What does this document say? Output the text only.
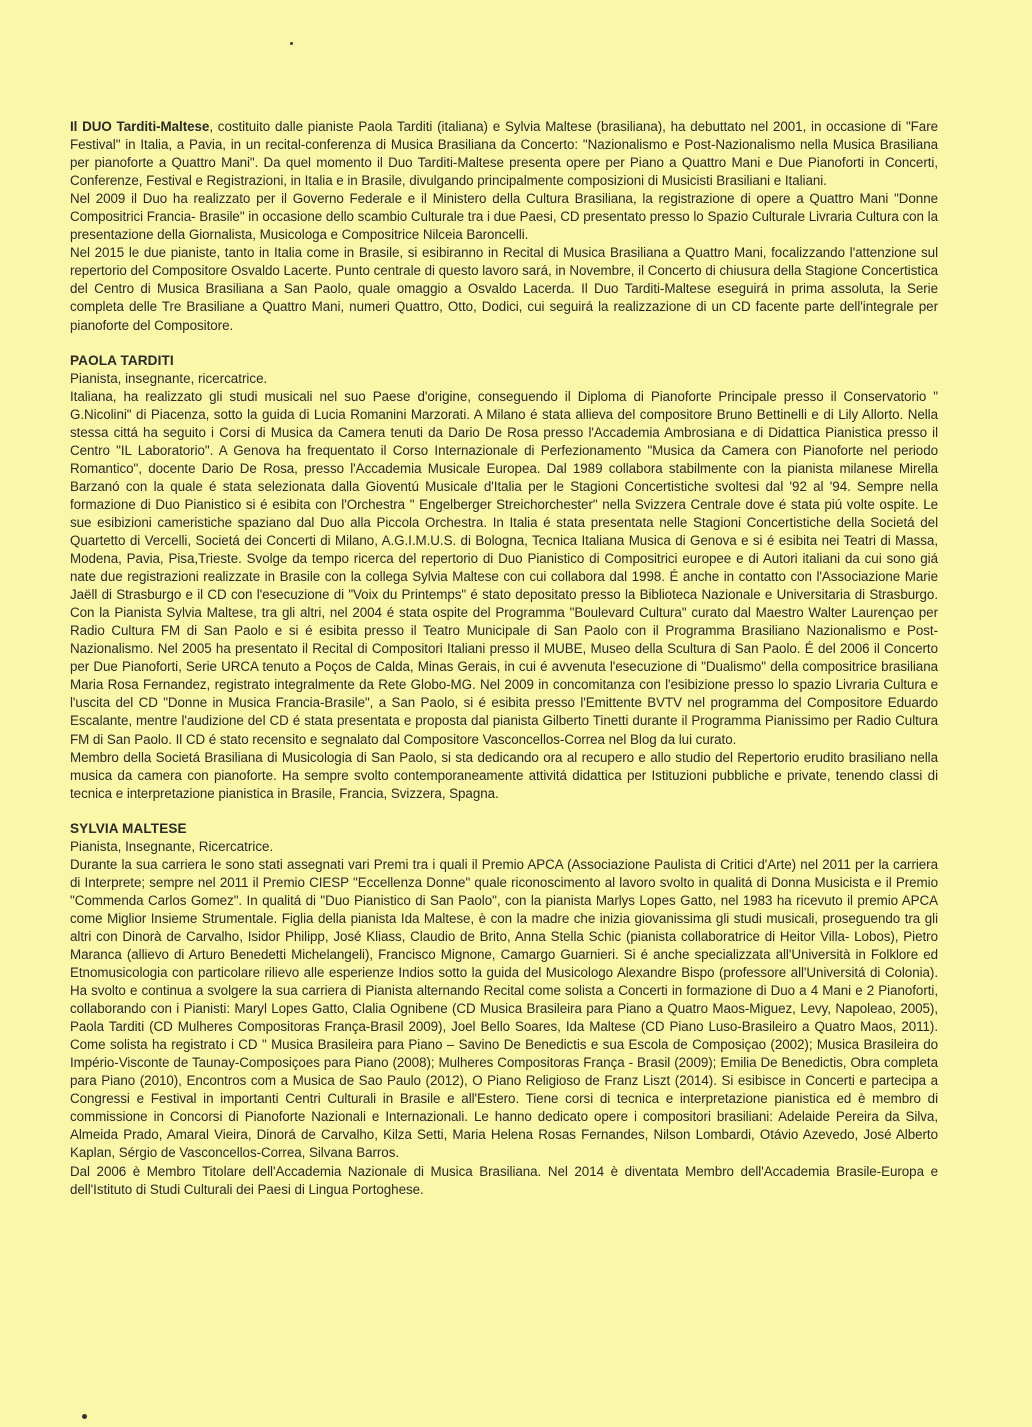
Il DUO Tarditi-Maltese, costituito dalle pianiste Paola Tarditi (italiana) e Sylvia Maltese (brasiliana), ha debuttato nel 2001, in occasione di "Fare Festival" in Italia, a Pavia, in un recital-conferenza di Musica Brasiliana da Concerto: "Nazionalismo e Post-Nazionalismo nella Musica Brasiliana per pianoforte a Quattro Mani". Da quel momento il Duo Tarditi-Maltese presenta opere per Piano a Quattro Mani e Due Pianoforti in Concerti, Conferenze, Festival e Registrazioni, in Italia e in Brasile, divulgando principalmente composizioni di Musicisti Brasiliani e Italiani.

Nel 2009 il Duo ha realizzato per il Governo Federale e il Ministero della Cultura Brasiliana, la registrazione di opere a Quattro Mani "Donne Compositrici Francia- Brasile" in occasione dello scambio Culturale tra i due Paesi, CD presentato presso lo Spazio Culturale Livraria Cultura con la presentazione della Giornalista, Musicologa e Compositrice Nilceia Baroncelli.

Nel 2015 le due pianiste, tanto in Italia come in Brasile, si esibiranno in Recital di Musica Brasiliana a Quattro Mani, focalizzando l'attenzione sul repertorio del Compositore Osvaldo Lacerte. Punto centrale di questo lavoro sará, in Novembre, il Concerto di chiusura della Stagione Concertistica del Centro di Musica Brasiliana a San Paolo, quale omaggio a Osvaldo Lacerda. Il Duo Tarditi-Maltese eseguirá in prima assoluta, la Serie completa delle Tre Brasiliane a Quattro Mani, numeri Quattro, Otto, Dodici, cui seguirá la realizzazione di un CD facente parte dell'integrale per pianoforte del Compositore.

PAOLA TARDITI

Pianista, insegnante, ricercatrice.

Italiana, ha realizzato gli studi musicali nel suo Paese d'origine, conseguendo il Diploma di Pianoforte Principale presso il Conservatorio " G.Nicolini" di Piacenza, sotto la guida di Lucia Romanini Marzorati. A Milano é stata allieva del compositore Bruno Bettinelli e di Lily Allorto. Nella stessa cittá ha seguito i Corsi di Musica da Camera tenuti da Dario De Rosa presso l'Accademia Ambrosiana e di Didattica Pianistica presso il Centro "IL Laboratorio". A Genova ha frequentato il Corso Internazionale di Perfezionamento "Musica da Camera con Pianoforte nel periodo Romantico", docente Dario De Rosa, presso l'Accademia Musicale Europea. Dal 1989 collabora stabilmente con la pianista milanese Mirella Barzanó con la quale é stata selezionata dalla Gioventú Musicale d'Italia per le Stagioni Concertistiche svoltesi dal '92 al '94. Sempre nella formazione di Duo Pianistico si é esibita con l'Orchestra " Engelberger Streichorchester" nella Svizzera Centrale dove é stata piú volte ospite. Le sue esibizioni cameristiche spaziano dal Duo alla Piccola Orchestra. In Italia é stata presentata nelle Stagioni Concertistiche della Societá del Quartetto di Vercelli, Societá dei Concerti di Milano, A.G.I.M.U.S. di Bologna, Tecnica Italiana Musica di Genova e si é esibita nei Teatri di Massa, Modena, Pavia, Pisa,Trieste. Svolge da tempo ricerca del repertorio di Duo Pianistico di Compositrici europee e di Autori italiani da cui sono giá nate due registrazioni realizzate in Brasile con la collega Sylvia Maltese con cui collabora dal 1998. É anche in contatto con l'Associazione Marie Jaëll di Strasburgo e il CD con l'esecuzione di "Voix du Printemps" é stato depositato presso la Biblioteca Nazionale e Universitaria di Strasburgo. Con la Pianista Sylvia Maltese, tra gli altri, nel 2004 é stata ospite del Programma "Boulevard Cultura" curato dal Maestro Walter Laurençao per Radio Cultura FM di San Paolo e si é esibita presso il Teatro Municipale di San Paolo con il Programma Brasiliano Nazionalismo e Post- Nazionalismo. Nel 2005 ha presentato il Recital di Compositori Italiani presso il MUBE, Museo della Scultura di San Paolo. É del 2006 il Concerto per Due Pianoforti, Serie URCA tenuto a Poços de Calda, Minas Gerais, in cui é avvenuta l'esecuzione di "Dualismo" della compositrice brasiliana Maria Rosa Fernandez, registrato integralmente da Rete Globo-MG. Nel 2009 in concomitanza con l'esibizione presso lo spazio Livraria Cultura e l'uscita del CD "Donne in Musica Francia-Brasile", a San Paolo, si é esibita presso l'Emittente BVTV nel programma del Compositore Eduardo Escalante, mentre l'audizione del CD é stata presentata e proposta dal pianista Gilberto Tinetti durante il Programma Pianissimo per Radio Cultura FM di San Paolo. Il CD é stato recensito e segnalato dal Compositore Vasconcellos-Correa nel Blog da lui curato.

Membro della Societá Brasiliana di Musicologia di San Paolo, si sta dedicando ora al recupero e allo studio del Repertorio erudito brasiliano nella musica da camera con pianoforte. Ha sempre svolto contemporaneamente attivitá didattica per Istituzioni pubbliche e private, tenendo classi di tecnica e interpretazione pianistica in Brasile, Francia, Svizzera, Spagna.

SYLVIA MALTESE

Pianista, Insegnante, Ricercatrice.

Durante la sua carriera le sono stati assegnati vari Premi tra i quali il Premio APCA (Associazione Paulista di Critici d'Arte) nel 2011 per la carriera di Interprete; sempre nel 2011 il Premio CIESP "Eccellenza Donne" quale riconoscimento al lavoro svolto in qualitá di Donna Musicista e il Premio "Commenda Carlos Gomez". In qualitá di "Duo Pianistico di San Paolo", con la pianista Marlys Lopes Gatto, nel 1983 ha ricevuto il premio APCA come Miglior Insieme Strumentale. Figlia della pianista Ida Maltese, è con la madre che inizia giovanissima gli studi musicali, proseguendo tra gli altri con Dinorà de Carvalho, Isidor Philipp, José Kliass, Claudio de Brito, Anna Stella Schic (pianista collaboratrice di Heitor Villa- Lobos), Pietro Maranca (allievo di Arturo Benedetti Michelangeli), Francisco Mignone, Camargo Guarnieri. Si é anche specializzata all'Università in Folklore ed Etnomusicologia con particolare rilievo alle esperienze Indios sotto la guida del Musicologo Alexandre Bispo (professore all'Universitá di Colonia). Ha svolto e continua a svolgere la sua carriera di Pianista alternando Recital come solista a Concerti in formazione di Duo a 4 Mani e 2 Pianoforti, collaborando con i Pianisti: Maryl Lopes Gatto, Clalia Ognibene (CD Musica Brasileira para Piano a Quatro Maos-Miguez, Levy, Napoleao, 2005), Paola Tarditi (CD Mulheres Compositoras França-Brasil 2009), Joel Bello Soares, Ida Maltese (CD Piano Luso-Brasileiro a Quatro Maos, 2011). Come solista ha registrato i CD " Musica Brasileira para Piano – Savino De Benedictis e sua Escola de Composiçao (2002); Musica Brasileira do Império-Visconte de Taunay-Composiçoes para Piano (2008); Mulheres Compositoras França - Brasil (2009); Emilia De Benedictis, Obra completa para Piano (2010), Encontros com a Musica de Sao Paulo (2012), O Piano Religioso de Franz Liszt (2014). Si esibisce in Concerti e partecipa a Congressi e Festival in importanti Centri Culturali in Brasile e all'Estero. Tiene corsi di tecnica e interpretazione pianistica ed è membro di commissione in Concorsi di Pianoforte Nazionali e Internazionali. Le hanno dedicato opere i compositori brasiliani: Adelaide Pereira da Silva, Almeida Prado, Amaral Vieira, Dinorá de Carvalho, Kilza Setti, Maria Helena Rosas Fernandes, Nilson Lombardi, Otávio Azevedo, José Alberto Kaplan, Sérgio de Vasconcellos-Correa, Silvana Barros.

Dal 2006 è Membro Titolare dell'Accademia Nazionale di Musica Brasiliana. Nel 2014 è diventata Membro dell'Accademia Brasile-Europa e dell'Istituto di Studi Culturali dei Paesi di Lingua Portoghese.
